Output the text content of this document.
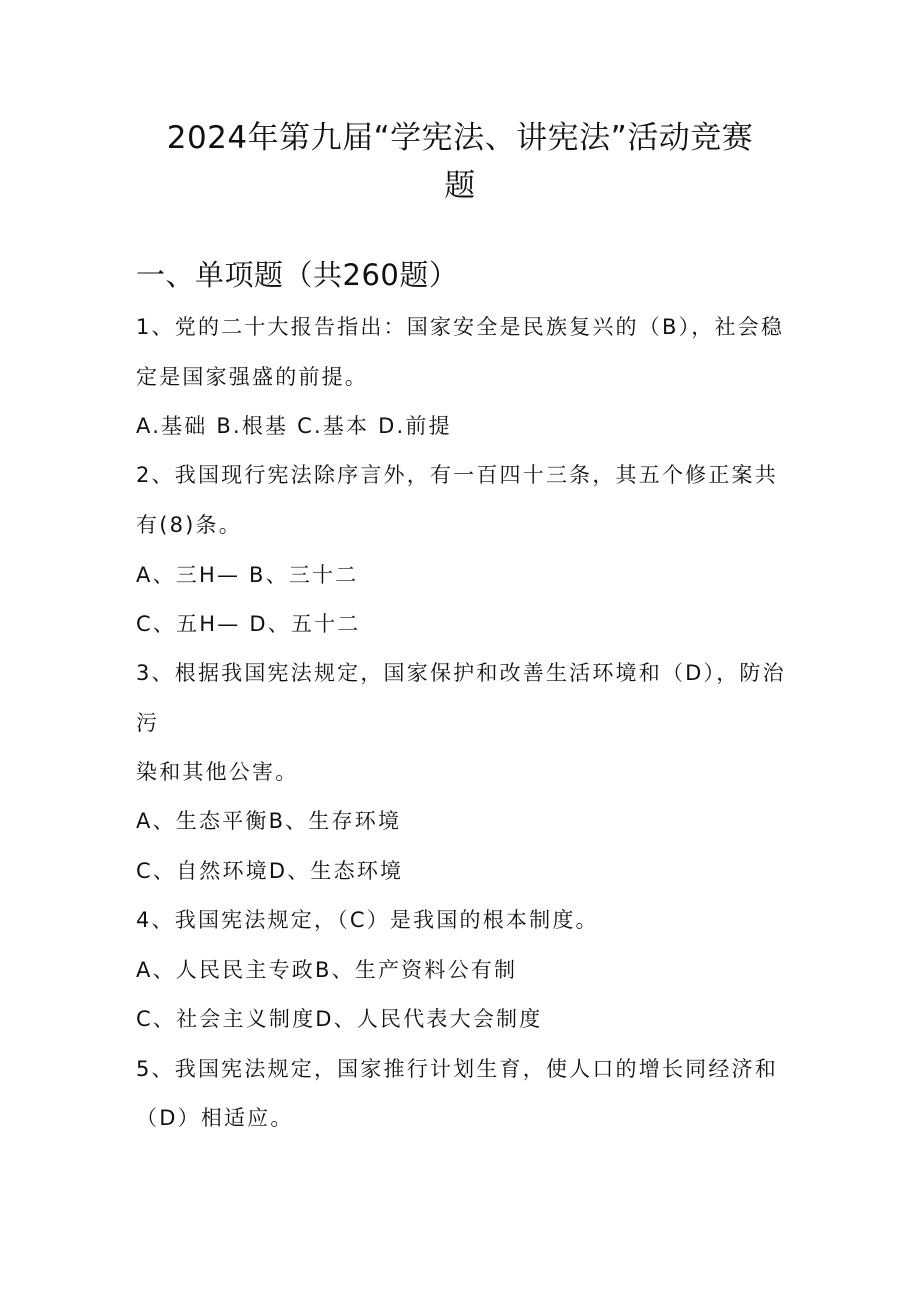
2024年第九届“学宪法、讲宪法”活动竞赛
题
一、单项题（共260题）
1、党的二十大报告指出：国家安全是民族复兴的（B），社会稳
定是国家强盛的前提。
A.基础 B.根基 C.基本 D.前提
2、我国现行宪法除序言外，有一百四十三条，其五个修正案共
有(8)条。
A、三H— B、三十二
C、五H— D、五十二
3、根据我国宪法规定，国家保护和改善生活环境和（D），防治
污
染和其他公害。
A、生态平衡B、生存环境
C、自然环境D、生态环境
4、我国宪法规定，（C）是我国的根本制度。
A、人民民主专政B、生产资料公有制
C、社会主义制度D、人民代表大会制度
5、我国宪法规定，国家推行计划生育，使人口的增长同经济和
（D）相适应。
